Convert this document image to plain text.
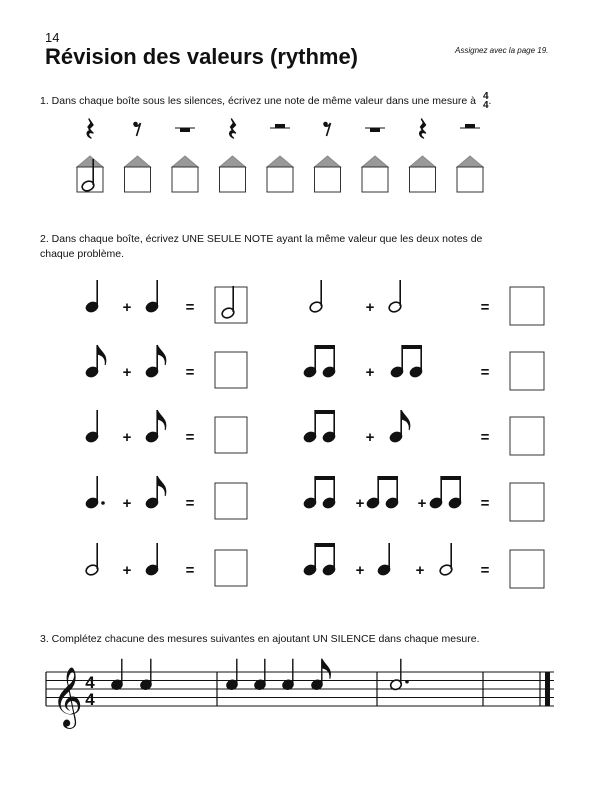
14
Révision des valeurs (rythme)	Assignez avec la page 19.
1. Dans chaque boîte sous les silences, écrivez une note de même valeur dans une mesure à 4
4 .
2. Dans chaque boîte, écrivez UNE SEULE NOTE ayant la même valeur que les deux notes de chaque problème.
3. Complétez chacune des mesures suivantes en ajoutant UN SILENCE dans chaque mesure.
+	=
+	=
+	=
+	=
+	=
+	=
+	=
+	=
+	+	=
+	+	=
𝄞 4
4
